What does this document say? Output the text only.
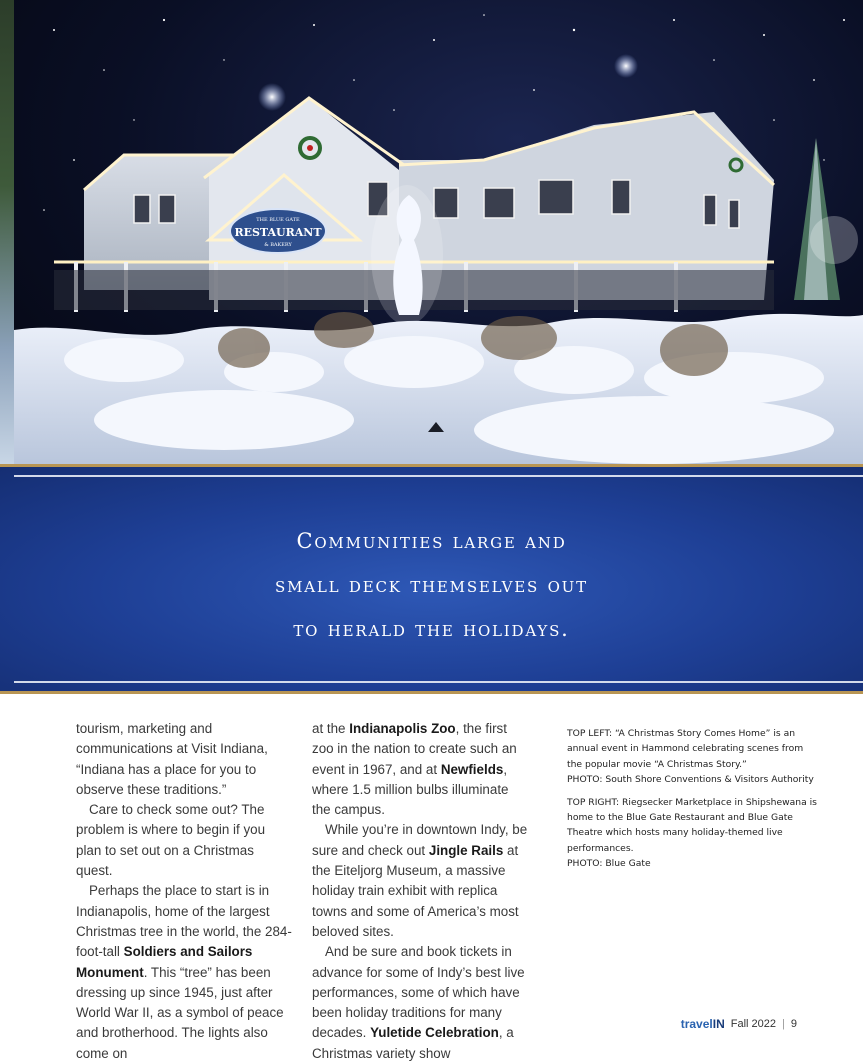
THE BLUE GATE
RESTAURANT
& BAKERY
Communities large and
small deck themselves out
to herald the holidays.

tourism, marketing and communications at Visit Indiana, “Indiana has a place for you to observe these traditions.”

Care to check some out? The problem is where to begin if you plan to set out on a Christmas quest.

Perhaps the place to start is in Indianapolis, home of the largest Christmas tree in the world, the 284-foot-tall Soldiers and Sailors Monument. This “tree” has been dressing up since 1945, just after World War II, as a symbol of peace and brotherhood. The lights also come on

at the Indianapolis Zoo, the first zoo in the nation to create such an event in 1967, and at Newfields, where 1.5 million bulbs illuminate the campus.

While you’re in downtown Indy, be sure and check out Jingle Rails at the Eiteljorg Museum, a massive holiday train exhibit with replica towns and some of America’s most beloved sites.

And be sure and book tickets in advance for some of Indy’s best live performances, some of which have been holiday traditions for many decades. Yuletide Celebration, a Christmas variety show

TOP LEFT: “A Christmas Story Comes Home” is an annual event in Hammond celebrating scenes from the popular movie “A Christmas Story.”
PHOTO: South Shore Conventions & Visitors Authority

TOP RIGHT: Riegsecker Marketplace in Shipshewana is home to the Blue Gate Restaurant and Blue Gate Theatre which hosts many holiday-themed live performances.
PHOTO: Blue Gate

travelIN Fall 2022 | 9
